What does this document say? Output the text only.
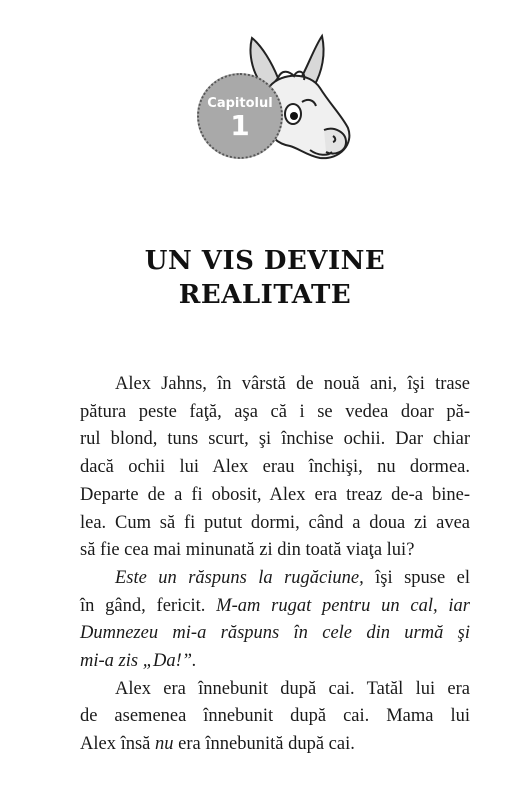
Capitolul
1
UN VIS DEVINE
REALITATE
Alex Jahns, în vârstă de nouă ani, îşi trase
pătura peste faţă, aşa că i se vedea doar pă-
rul blond, tuns scurt, şi închise ochii. Dar chiar
dacă ochii lui Alex erau închişi, nu dormea.
Departe de a fi obosit, Alex era treaz de-a bine-
lea. Cum să fi putut dormi, când a doua zi avea
să fie cea mai minunată zi din toată viaţa lui?
Este un răspuns la rugăciune, îşi spuse el
în gând, fericit. M-am rugat pentru un cal, iar
Dumnezeu mi-a răspuns în cele din urmă şi
mi-a zis „Da!”.
Alex era înnebunit după cai. Tatăl lui era
de asemenea înnebunit după cai. Mama lui
Alex însă nu era înnebunită după cai.
